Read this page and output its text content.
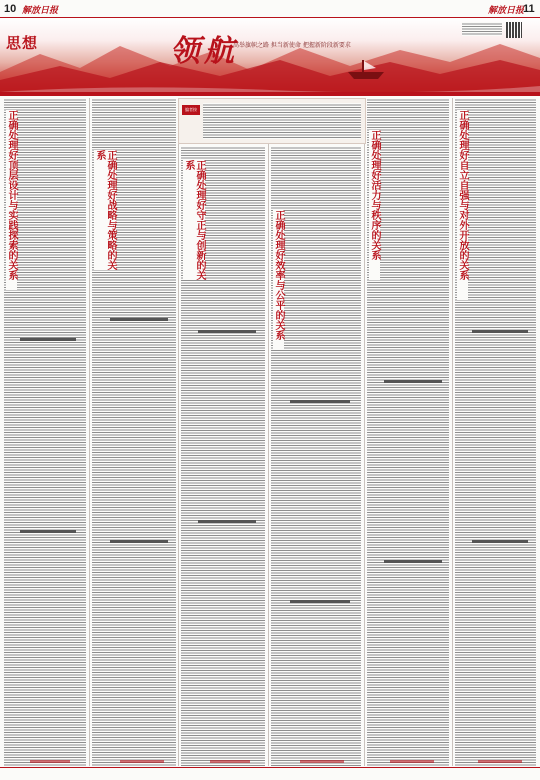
10 解放日报	解放日报
11
思想	领航
高举旗帜之路 担当新使命 把握新阶段新要求
正确处理好顶层设计与实践探索的关系	正确处理好战略与策略的关系
编者按
正确处理好守正与创新的关系
正确处理好效率与公平的关系
正确处理好活力与秩序的关系	正确处理好自立自强与对外开放的关系
